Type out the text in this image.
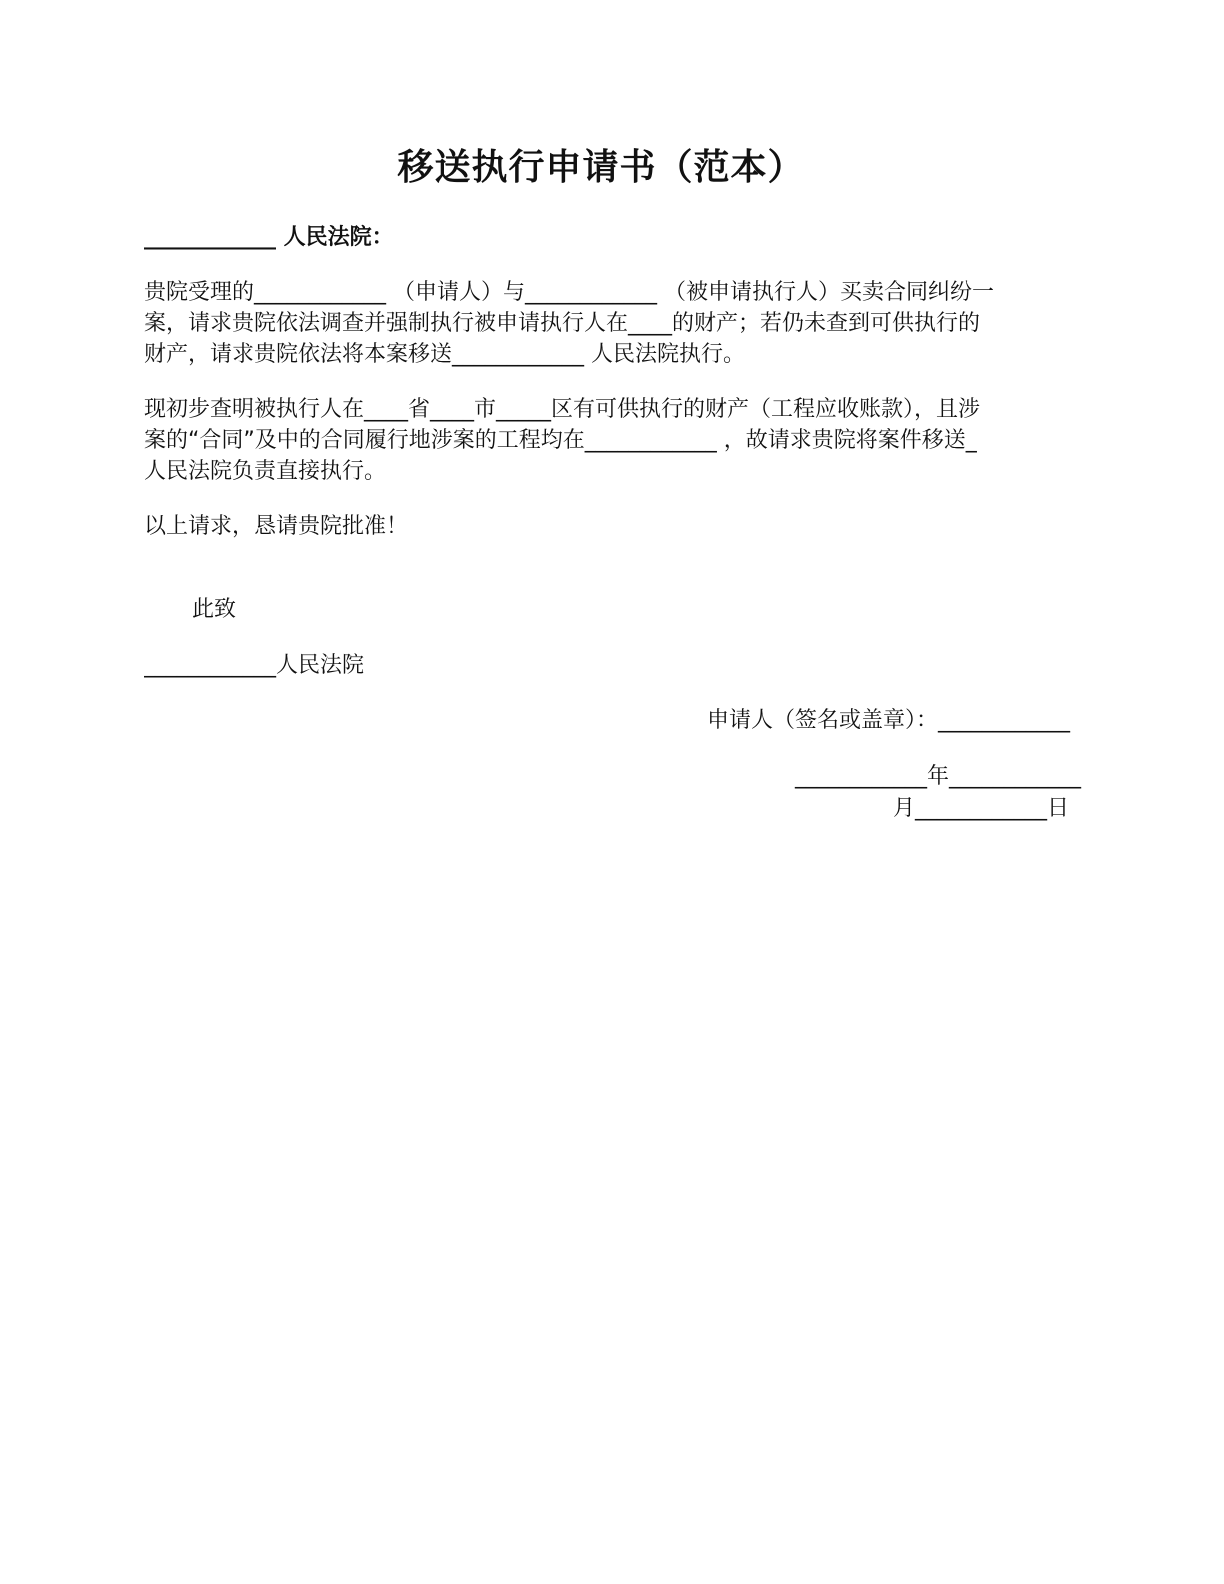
移送执行申请书（范本）
____________ 人民法院：
贵院受理的____________ （申请人）与____________ （被申请执行人）买卖合同纠纷一
案，请求贵院依法调查并强制执行被申请执行人在____的财产；若仍未查到可供执行的
财产，请求贵院依法将本案移送____________ 人民法院执行。
现初步查明被执行人在____省____市_____区有可供执行的财产（工程应收账款），且涉
案的“合同”及中的合同履行地涉案的工程均在____________ ，故请求贵院将案件移送_
人民法院负责直接执行。
以上请求，恳请贵院批准！
此致
____________人民法院
申请人（签名或盖章）：____________
____________年____________
月____________日
